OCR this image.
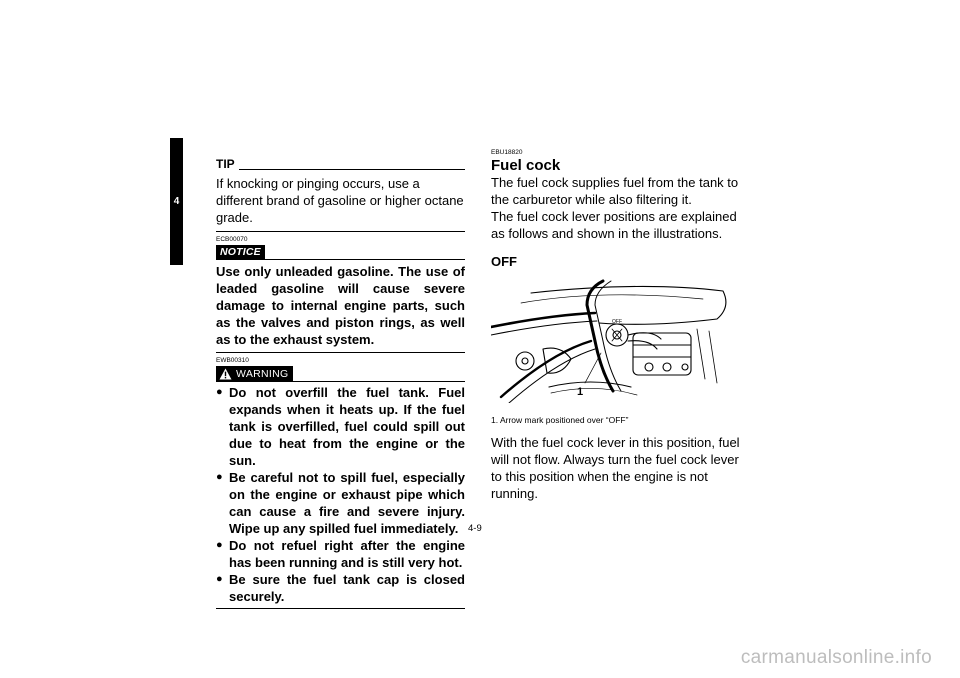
4
TIP

If knocking or pinging occurs, use a different brand of gasoline or higher octane grade.

ECB00070
NOTICE

Use only unleaded gasoline. The use of leaded gasoline will cause severe damage to internal engine parts, such as the valves and piston rings, as well as to the exhaust system.

EWB00310
WARNING
● Do not overfill the fuel tank. Fuel expands when it heats up. If the fuel tank is overfilled, fuel could spill out due to heat from the engine or the sun.
● Be careful not to spill fuel, especially on the engine or exhaust pipe which can cause a fire and severe injury. Wipe up any spilled fuel immediately.
● Do not refuel right after the engine has been running and is still very hot.
● Be sure the fuel tank cap is closed securely.
EBU18820
Fuel cock

The fuel cock supplies fuel from the tank to the carburetor while also filtering it.

The fuel cock lever positions are explained as follows and shown in the illustrations.

OFF
OFF
1
1. Arrow mark positioned over “OFF”

With the fuel cock lever in this position, fuel will not flow. Always turn the fuel cock lever to this position when the engine is not running.

4-9
carmanualsonline.info
